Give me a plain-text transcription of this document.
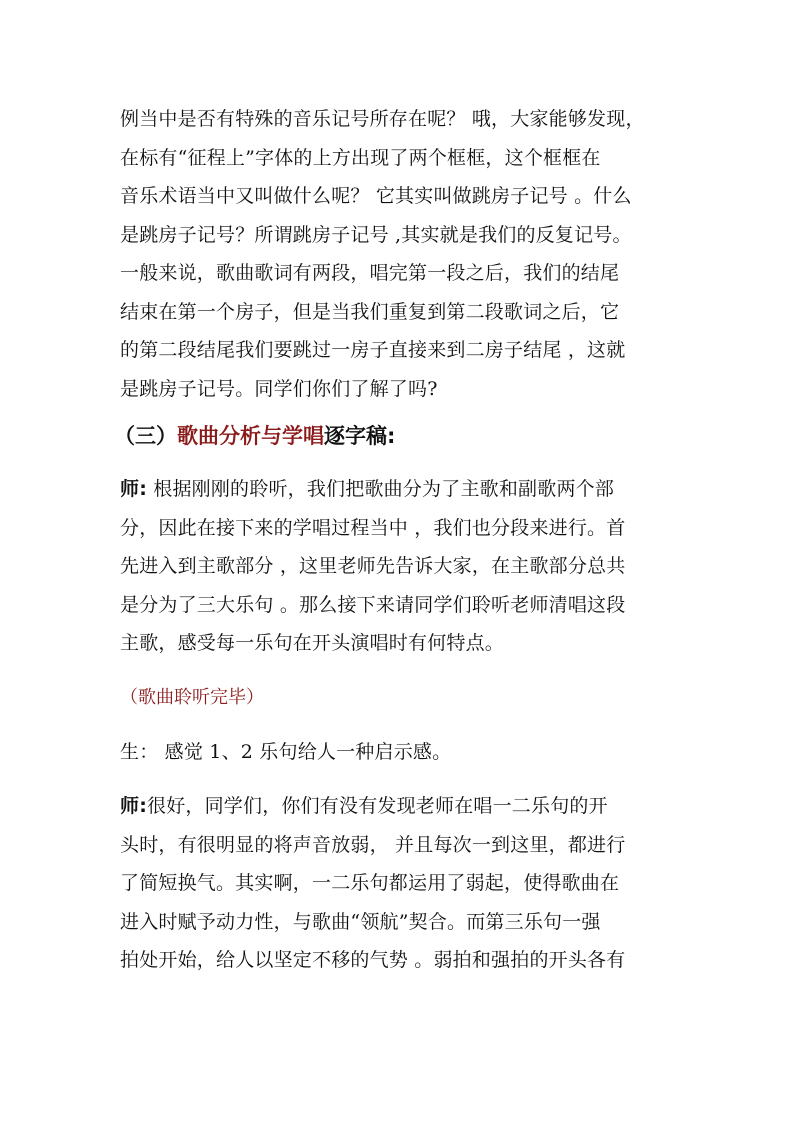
例当中是否有特殊的音乐记号所存在呢？ 哦，大家能够发现，
在标有“征程上”字体的上方出现了两个框框，这个框框在
音乐术语当中又叫做什么呢？ 它其实叫做跳房子记号 。什么
是跳房子记号？所谓跳房子记号 ,其实就是我们的反复记号。
一般来说，歌曲歌词有两段，唱完第一段之后，我们的结尾
结束在第一个房子，但是当我们重复到第二段歌词之后，它
的第二段结尾我们要跳过一房子直接来到二房子结尾 ，这就
是跳房子记号。同学们你们了解了吗?

（三）歌曲分析与学唱逐字稿:

师: 根据刚刚的聆听，我们把歌曲分为了主歌和副歌两个部
分，因此在接下来的学唱过程当中 ，我们也分段来进行。首
先进入到主歌部分 ，这里老师先告诉大家，在主歌部分总共
是分为了三大乐句 。那么接下来请同学们聆听老师清唱这段
主歌，感受每一乐句在开头演唱时有何特点。

（歌曲聆听完毕）

生： 感觉 1、2 乐句给人一种启示感。

师:很好，同学们，你们有没有发现老师在唱一二乐句的开
头时，有很明显的将声音放弱， 并且每次一到这里，都进行
了简短换气。其实啊，一二乐句都运用了弱起，使得歌曲在
进入时赋予动力性，与歌曲“领航”契合。而第三乐句一强
拍处开始，给人以坚定不移的气势 。弱拍和强拍的开头各有
